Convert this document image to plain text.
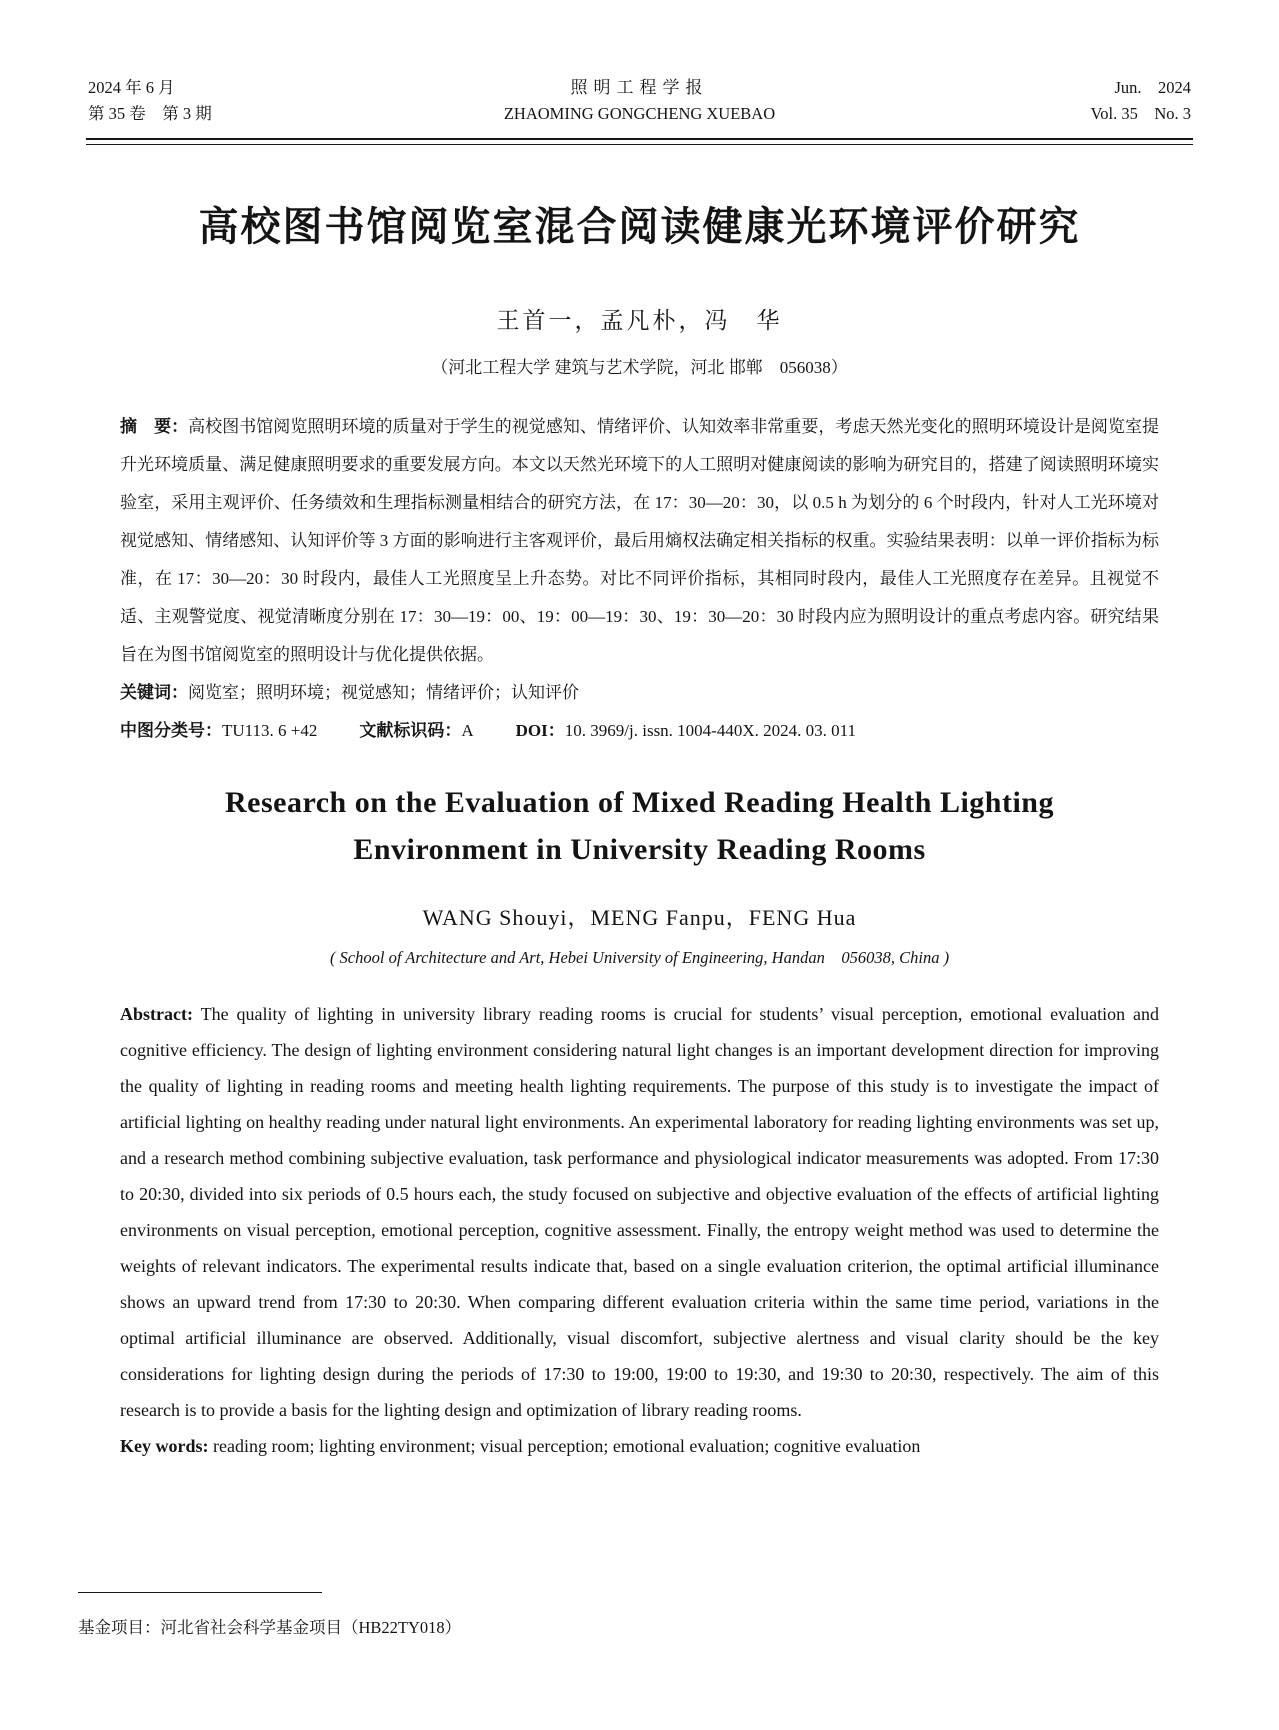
2024 年 6 月
第 35 卷　第 3 期
照明工程学报
ZHAOMING GONGCHENG XUEBAO
Jun.　2024
Vol. 35　No. 3
高校图书馆阅览室混合阅读健康光环境评价研究
王首一，孟凡朴，冯　华
（河北工程大学 建筑与艺术学院，河北 邯郸　056038）

摘　要：高校图书馆阅览照明环境的质量对于学生的视觉感知、情绪评价、认知效率非常重要，考虑天然光变化的照明环境设计是阅览室提升光环境质量、满足健康照明要求的重要发展方向。本文以天然光环境下的人工照明对健康阅读的影响为研究目的，搭建了阅读照明环境实验室，采用主观评价、任务绩效和生理指标测量相结合的研究方法，在 17：30—20：30，以 0.5 h 为划分的 6 个时段内，针对人工光环境对视觉感知、情绪感知、认知评价等 3 方面的影响进行主客观评价，最后用熵权法确定相关指标的权重。实验结果表明：以单一评价指标为标准，在 17：30—20：30 时段内，最佳人工光照度呈上升态势。对比不同评价指标，其相同时段内，最佳人工光照度存在差异。且视觉不适、主观警觉度、视觉清晰度分别在 17：30—19：00、19：00—19：30、19：30—20：30 时段内应为照明设计的重点考虑内容。研究结果旨在为图书馆阅览室的照明设计与优化提供依据。

关键词：阅览室；照明环境；视觉感知；情绪评价；认知评价

中图分类号：TU113. 6 +42 文献标识码：A DOI：10. 3969/j. issn. 1004-440X. 2024. 03. 011

Research on the Evaluation of Mixed Reading Health Lighting
Environment in University Reading Rooms
WANG Shouyi，MENG Fanpu，FENG Hua
( School of Architecture and Art, Hebei University of Engineering, Handan　056038, China )

Abstract: The quality of lighting in university library reading rooms is crucial for students’ visual perception, emotional evaluation and cognitive efficiency. The design of lighting environment considering natural light changes is an important development direction for improving the quality of lighting in reading rooms and meeting health lighting requirements. The purpose of this study is to investigate the impact of artificial lighting on healthy reading under natural light environments. An experimental laboratory for reading lighting environments was set up, and a research method combining subjective evaluation, task performance and physiological indicator measurements was adopted. From 17:30 to 20:30, divided into six periods of 0.5 hours each, the study focused on subjective and objective evaluation of the effects of artificial lighting environments on visual perception, emotional perception, cognitive assessment. Finally, the entropy weight method was used to determine the weights of relevant indicators. The experimental results indicate that, based on a single evaluation criterion, the optimal artificial illuminance shows an upward trend from 17:30 to 20:30. When comparing different evaluation criteria within the same time period, variations in the optimal artificial illuminance are observed. Additionally, visual discomfort, subjective alertness and visual clarity should be the key considerations for lighting design during the periods of 17:30 to 19:00, 19:00 to 19:30, and 19:30 to 20:30, respectively. The aim of this research is to provide a basis for the lighting design and optimization of library reading rooms.

Key words: reading room; lighting environment; visual perception; emotional evaluation; cognitive evaluation

基金项目：河北省社会科学基金项目（HB22TY018）
